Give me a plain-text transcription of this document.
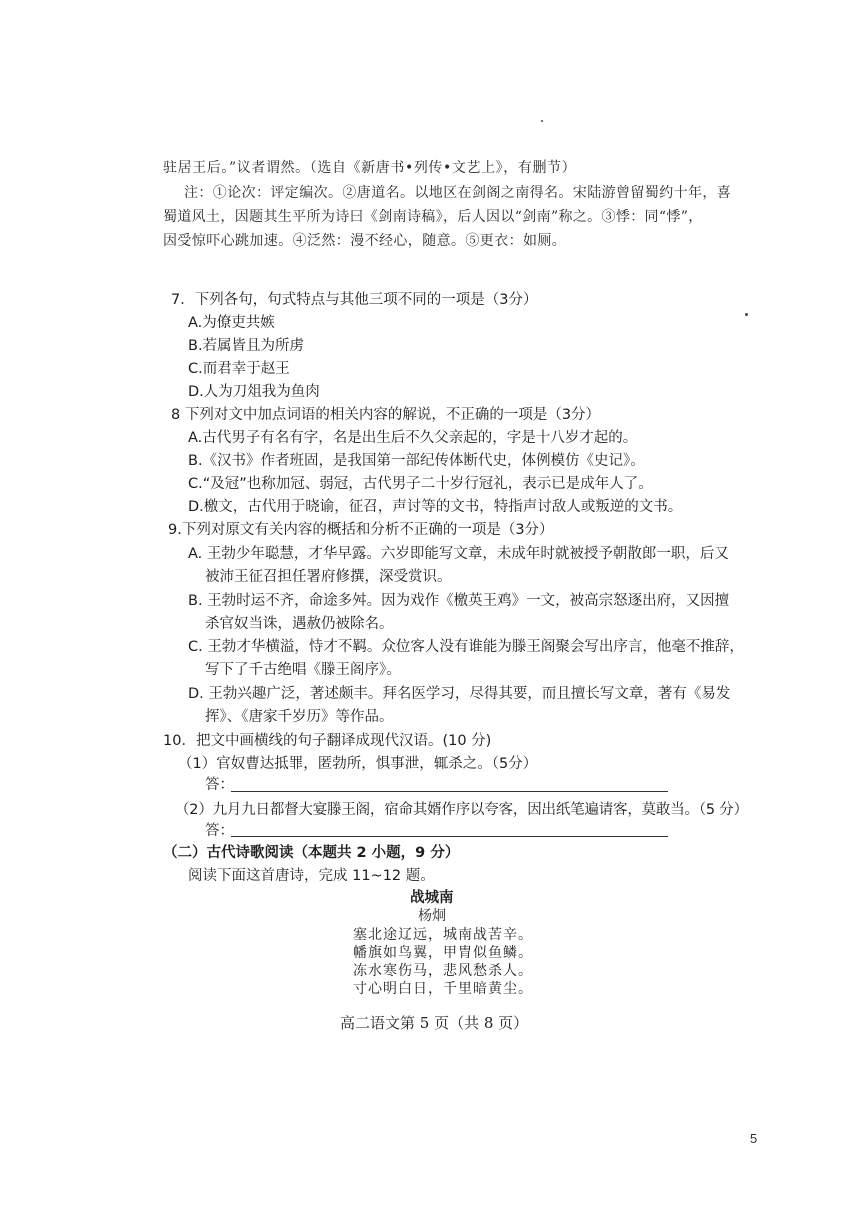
驻居王后。”议者谓然。（选自《新唐书•列传•文艺上》，有删节）
注：①论次：评定编次。②唐道名。以地区在剑阁之南得名。宋陆游曾留蜀约十年，喜
蜀道风土，因题其生平所为诗曰《剑南诗稿》，后人因以“剑南”称之。③悸：同“悸”，
因受惊吓心跳加速。④泛然：漫不经心，随意。⑤更衣：如厕。
7．下列各句，句式特点与其他三项不同的一项是（3分）
A.为僚吏共嫉
B.若属皆且为所虏
C.而君幸于赵王
D.人为刀俎我为鱼肉
8 下列对文中加点词语的相关内容的解说，不正确的一项是（3分）
A.古代男子有名有字，名是出生后不久父亲起的，字是十八岁才起的。
B.《汉书》作者班固，是我国第一部纪传体断代史，体例模仿《史记》。
C.“及冠”也称加冠、弱冠，古代男子二十岁行冠礼，表示已是成年人了。
D.檄文，古代用于晓谕，征召，声讨等的文书，特指声讨敌人或叛逆的文书。
9.下列对原文有关内容的概括和分析不正确的一项是（3分）
A. 王勃少年聪慧，才华早露。六岁即能写文章，未成年时就被授予朝散郎一职，后又
被沛王征召担任署府修撰，深受赏识。
B. 王勃时运不齐，命途多舛。因为戏作《檄英王鸡》一文，被高宗怒逐出府，又因擅
杀官奴当诛，遇赦仍被除名。
C. 王勃才华横溢，恃才不羁。众位客人没有谁能为滕王阁聚会写出序言，他毫不推辞，
写下了千古绝唱《滕王阁序》。
D. 王勃兴趣广泛，著述颇丰。拜名医学习，尽得其要，而且擅长写文章，著有《易发
挥》、《唐家千岁历》等作品。
10．把文中画横线的句子翻译成现代汉语。(10 分)
（1）官奴曹达抵罪，匿勃所，惧事泄，辄杀之。（5分）
答：
（2）九月九日都督大宴滕王阁，宿命其婿作序以夸客，因出纸笔遍请客，莫敢当。（5 分）
答：
（二）古代诗歌阅读（本题共 2 小题，9 分）
阅读下面这首唐诗，完成 11~12 题。
战城南
杨炯
塞北途辽远，城南战苦辛。
幡旗如鸟翼，甲胄似鱼鳞。
冻水寒伤马，悲风愁杀人。
寸心明白日，千里暗黄尘。
高二语文第 5 页（共 8 页）
5
